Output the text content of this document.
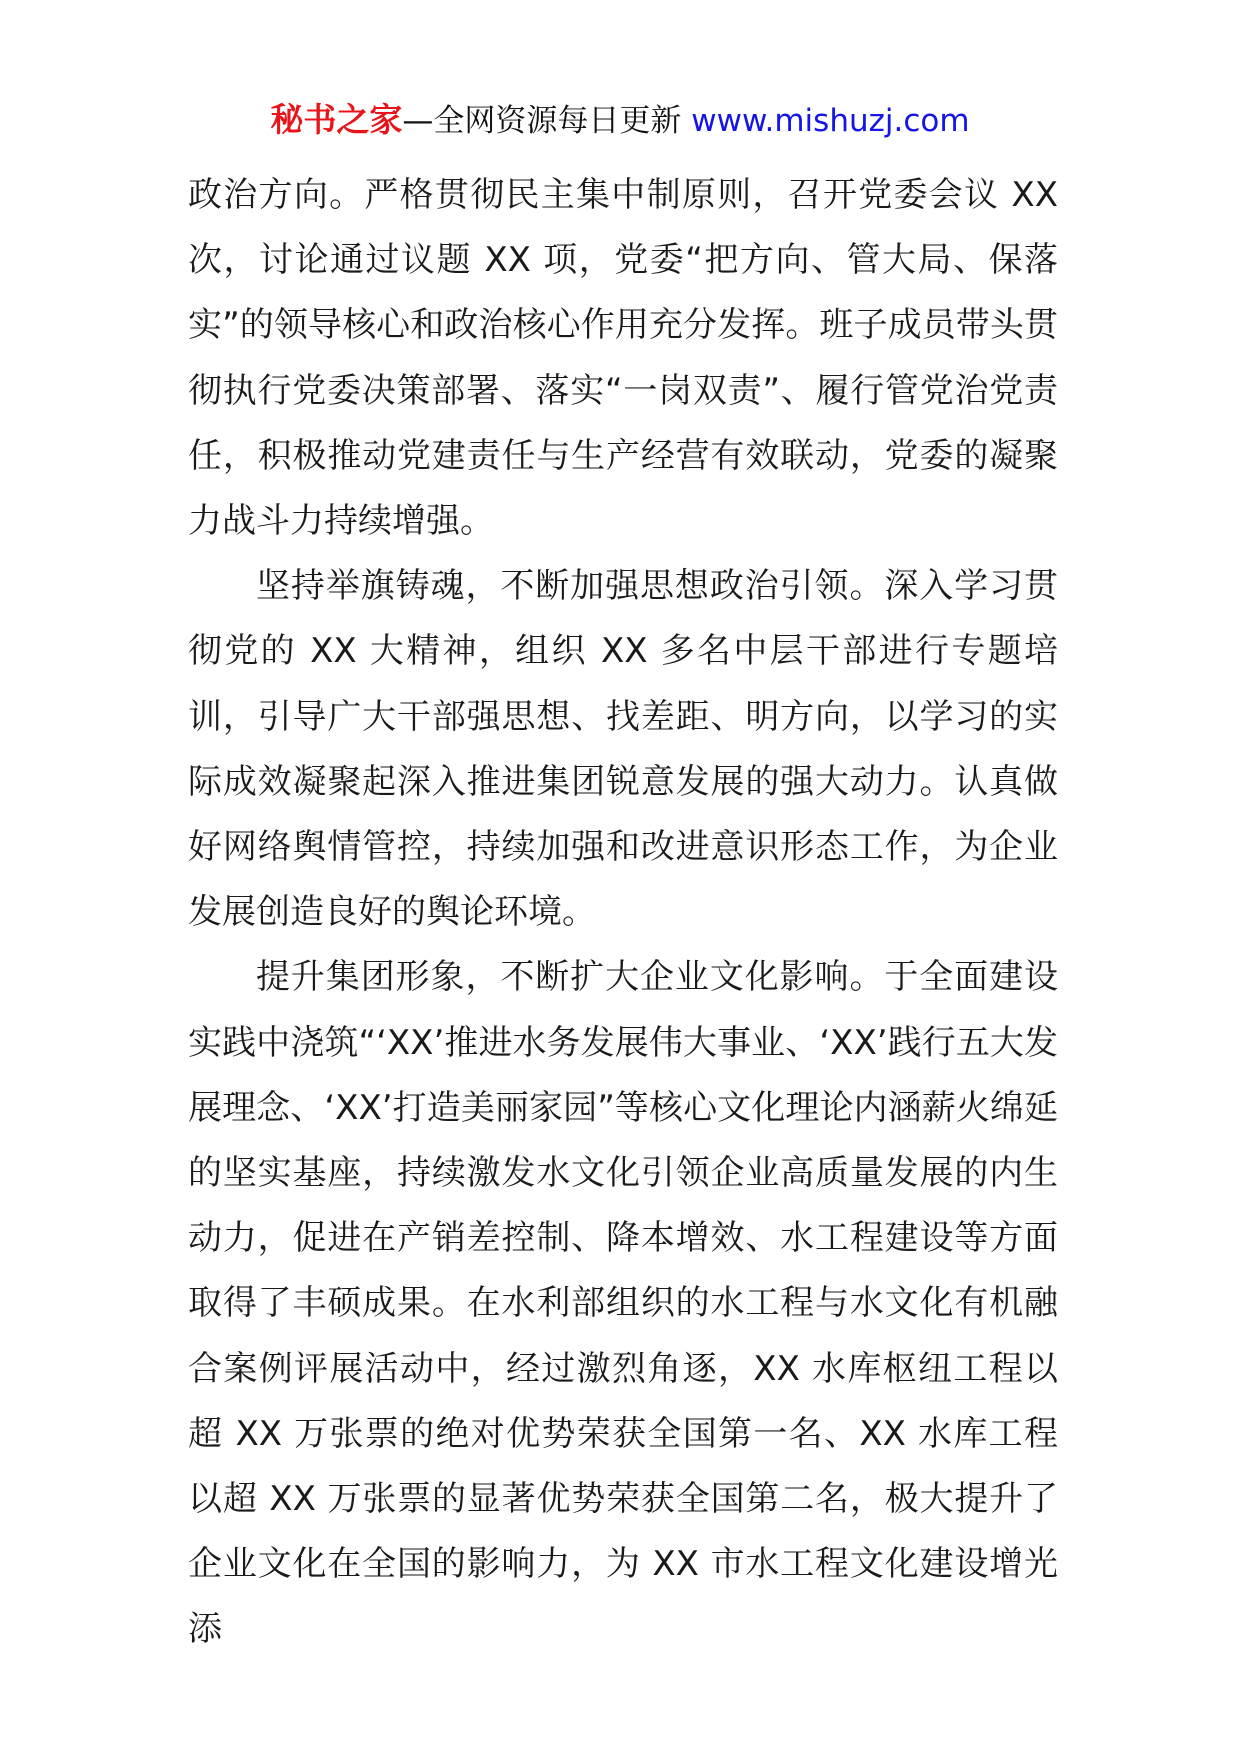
秘书之家—全网资源每日更新 www.mishuzj.com

政治方向。严格贯彻民主集中制原则，召开党委会议 XX 次，讨论通过议题 XX 项，党委“把方向、管大局、保落实”的领导核心和政治核心作用充分发挥。班子成员带头贯彻执行党委决策部署、落实“一岗双责”、履行管党治党责任，积极推动党建责任与生产经营有效联动，党委的凝聚力战斗力持续增强。

坚持举旗铸魂，不断加强思想政治引领。深入学习贯彻党的 XX 大精神，组织 XX 多名中层干部进行专题培训，引导广大干部强思想、找差距、明方向，以学习的实际成效凝聚起深入推进集团锐意发展的强大动力。认真做好网络舆情管控，持续加强和改进意识形态工作，为企业发展创造良好的舆论环境。

提升集团形象，不断扩大企业文化影响。于全面建设实践中浇筑“‘XX’推进水务发展伟大事业、‘XX’践行五大发展理念、‘XX’打造美丽家园”等核心文化理论内涵薪火绵延的坚实基座，持续激发水文化引领企业高质量发展的内生动力，促进在产销差控制、降本增效、水工程建设等方面取得了丰硕成果。在水利部组织的水工程与水文化有机融合案例评展活动中，经过激烈角逐，XX 水库枢纽工程以超 XX 万张票的绝对优势荣获全国第一名、XX 水库工程以超 XX 万张票的显著优势荣获全国第二名，极大提升了企业文化在全国的影响力，为 XX 市水工程文化建设增光添
